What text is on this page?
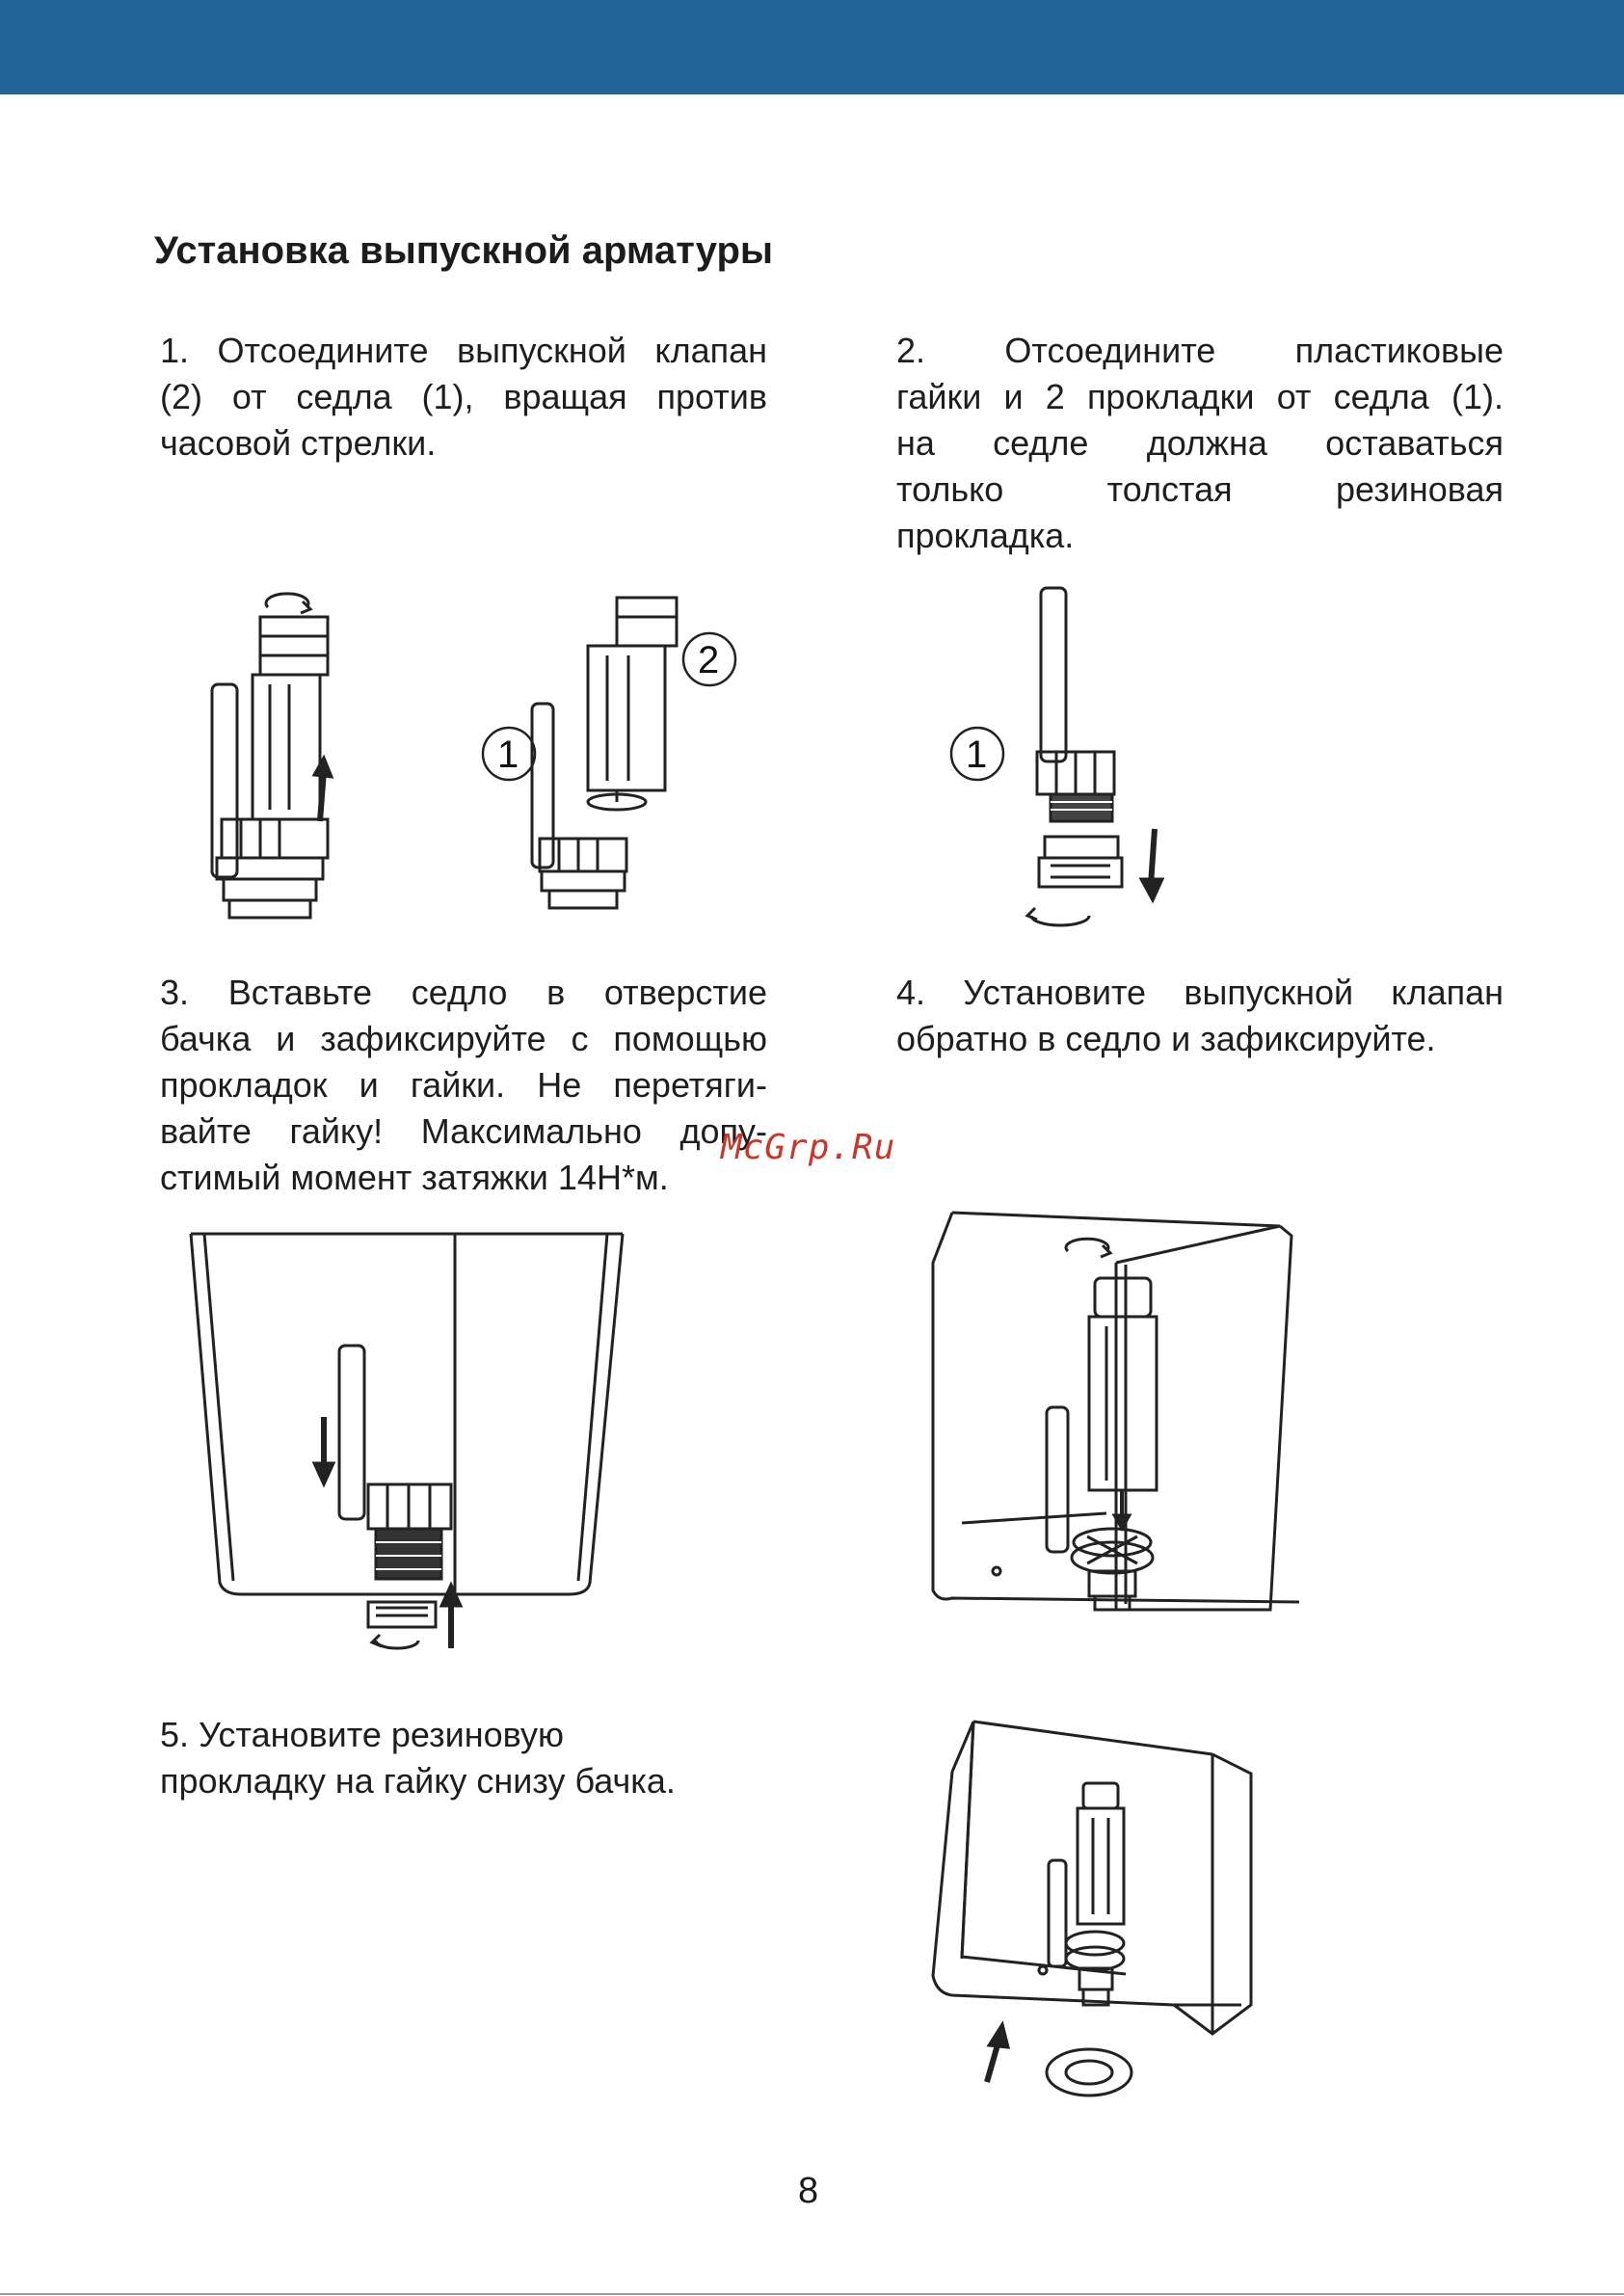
Установка выпускной арматуры
1. Отсоедините выпускной клапан
(2) от седла (1), вращая против
часовой стрелки.
2. Отсоедините пластиковые
гайки и 2 прокладки от седла (1).
на седле должна оставаться
только толстая резиновая
прокладка.
1
2
1
3. Вставьте седло в отверстие
бачка и зафиксируйте с помощью
прокладок и гайки. Не перетяги-
вайте гайку! Максимально допу-
стимый момент затяжки 14Н*м.
4. Установите выпускной клапан
обратно в седло и зафиксируйте.
McGrp.Ru
5. Установите резиновую
прокладку на гайку снизу бачка.
8
